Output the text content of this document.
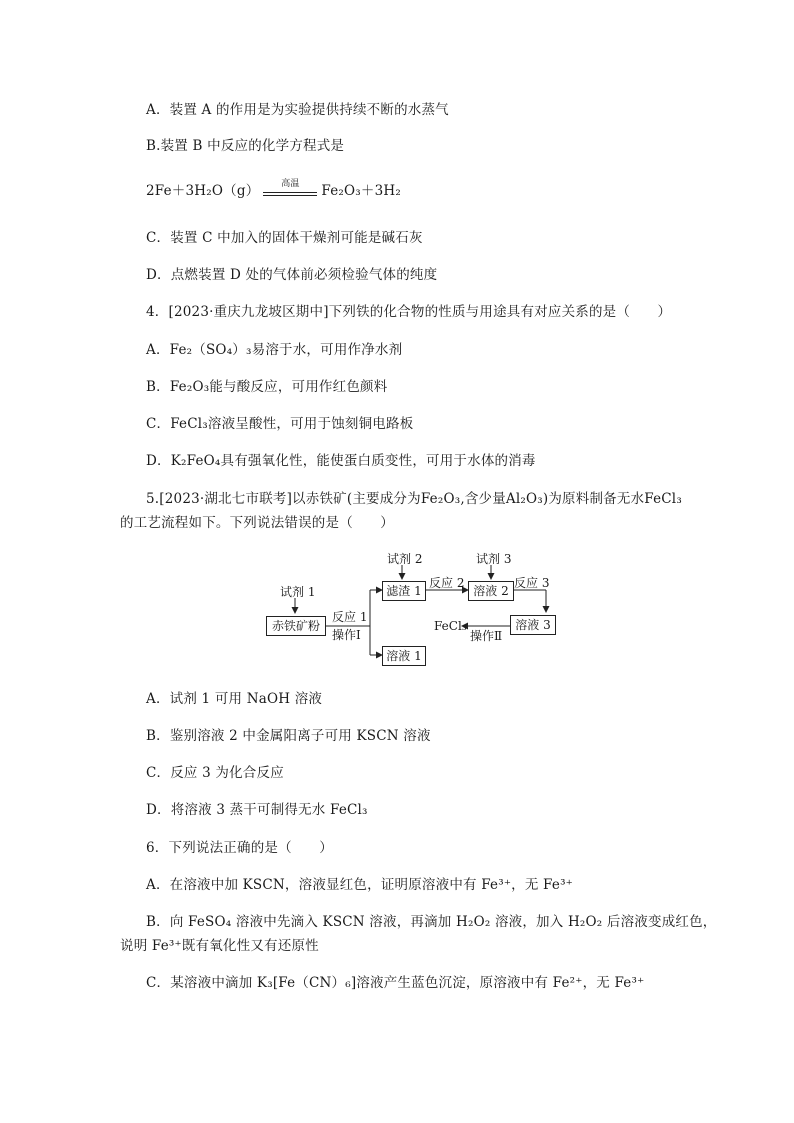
A．装置 A 的作用是为实验提供持续不断的水蒸气
B.装置 B 中反应的化学方程式是
2Fe＋3H₂O（g）	高温	Fe₂O₃＋3H₂
C．装置 C 中加入的固体干燥剂可能是碱石灰
D．点燃装置 D 处的气体前必须检验气体的纯度
4．[2023·重庆九龙坡区期中]下列铁的化合物的性质与用途具有对应关系的是（　　）
A．Fe₂（SO₄）₃易溶于水，可用作净水剂
B．Fe₂O₃能与酸反应，可用作红色颜料
C．FeCl₃溶液呈酸性，可用于蚀刻铜电路板
D．K₂FeO₄具有强氧化性，能使蛋白质变性，可用于水体的消毒
5.[2023·湖北七市联考]以赤铁矿(主要成分为Fe₂O₃,含少量Al₂O₃)为原料制备无水FeCl₃
的工艺流程如下。下列说法错误的是（　　）
试剂 1
赤铁矿粉
反应 1
操作Ⅰ
试剂 2
滤渣 1
溶液 1
反应 2
试剂 3
溶液 2
反应 3
溶液 3
操作Ⅱ
FeCl₃
A．试剂 1 可用 NaOH 溶液
B．鉴别溶液 2 中金属阳离子可用 KSCN 溶液
C．反应 3 为化合反应
D．将溶液 3 蒸干可制得无水 FeCl₃
6．下列说法正确的是（　　）
A．在溶液中加 KSCN，溶液显红色，证明原溶液中有 Fe³⁺，无 Fe³⁺
B．向 FeSO₄ 溶液中先滴入 KSCN 溶液，再滴加 H₂O₂ 溶液，加入 H₂O₂ 后溶液变成红色，
说明 Fe³⁺既有氧化性又有还原性
C．某溶液中滴加 K₃[Fe（CN）₆]溶液产生蓝色沉淀，原溶液中有 Fe²⁺，无 Fe³⁺
